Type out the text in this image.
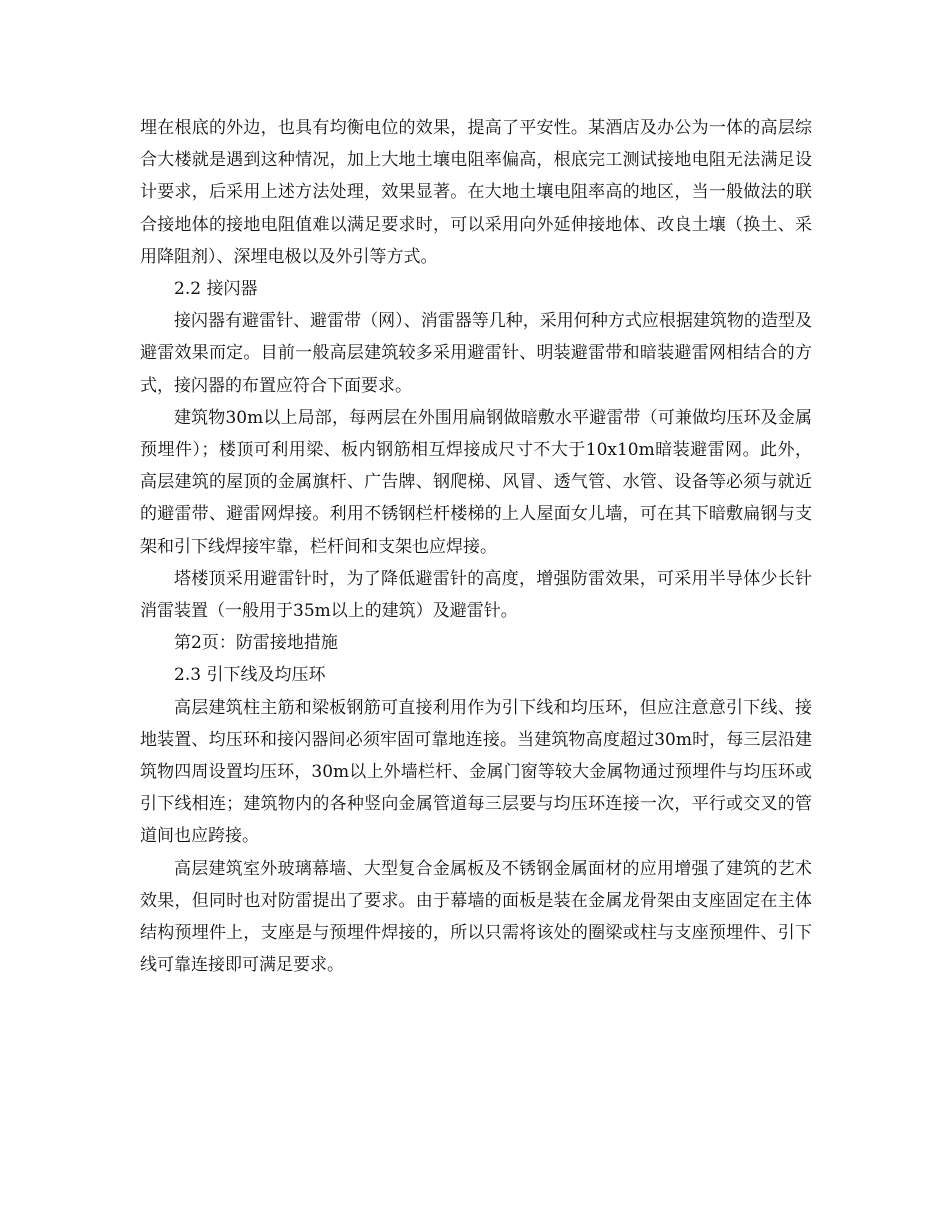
埋在根底的外边，也具有均衡电位的效果，提高了平安性。某酒店及办公为一体的高层综合大楼就是遇到这种情况，加上大地土壤电阻率偏高，根底完工测试接地电阻无法满足设计要求，后采用上述方法处理，效果显著。在大地土壤电阻率高的地区，当一般做法的联合接地体的接地电阻值难以满足要求时，可以采用向外延伸接地体、改良土壤（换土、采用降阻剂）、深埋电极以及外引等方式。

2.2 接闪器

接闪器有避雷针、避雷带（网）、消雷器等几种，采用何种方式应根据建筑物的造型及避雷效果而定。目前一般高层建筑较多采用避雷针、明装避雷带和暗装避雷网相结合的方式，接闪器的布置应符合下面要求。

建筑物30m以上局部，每两层在外围用扁钢做暗敷水平避雷带（可兼做均压环及金属预埋件）；楼顶可利用梁、板内钢筋相互焊接成尺寸不大于10x10m暗装避雷网。此外，高层建筑的屋顶的金属旗杆、广告牌、钢爬梯、风冒、透气管、水管、设备等必须与就近的避雷带、避雷网焊接。利用不锈钢栏杆楼梯的上人屋面女儿墙，可在其下暗敷扁钢与支架和引下线焊接牢靠，栏杆间和支架也应焊接。

塔楼顶采用避雷针时，为了降低避雷针的高度，增强防雷效果，可采用半导体少长针消雷装置（一般用于35m以上的建筑）及避雷针。

第2页：防雷接地措施

2.3 引下线及均压环

高层建筑柱主筋和梁板钢筋可直接利用作为引下线和均压环，但应注意意引下线、接地装置、均压环和接闪器间必须牢固可靠地连接。当建筑物高度超过30m时，每三层沿建筑物四周设置均压环，30m以上外墙栏杆、金属门窗等较大金属物通过预埋件与均压环或引下线相连；建筑物内的各种竖向金属管道每三层要与均压环连接一次，平行或交叉的管道间也应跨接。

高层建筑室外玻璃幕墙、大型复合金属板及不锈钢金属面材的应用增强了建筑的艺术效果，但同时也对防雷提出了要求。由于幕墙的面板是装在金属龙骨架由支座固定在主体结构预埋件上，支座是与预埋件焊接的，所以只需将该处的圈梁或柱与支座预埋件、引下线可靠连接即可满足要求。
